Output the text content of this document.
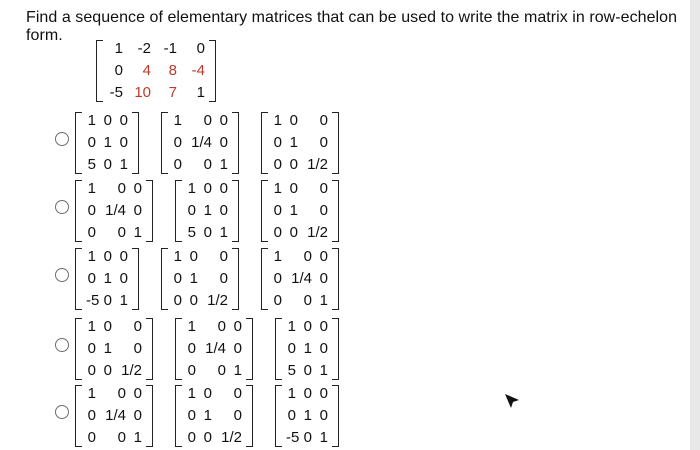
Find a sequence of elementary matrices that can be used to write the matrix in row-echelon form.
1 -2 -1	0
0	4	8 -4
-5 10	7	1
1 0 0
0 1 0
5 0 1
1	0 0
0 1/4 0
0	0 1
1 0	0
0 1	0
0 0 1/2
1	0 0
0 1/4 0
0	0 1
1 0 0
0 1 0
5 0 1
1 0	0
0 1	0
0 0 1/2
1 0 0
0 1 0
-5 0 1
1 0	0
0 1	0
0 0 1/2
1	0 0
0 1/4 0
0	0 1
1 0	0
0 1	0
0 0 1/2
1	0 0
0 1/4 0
0	0 1
1 0 0
0 1 0
5 0 1
1	0 0
0 1/4 0
0	0 1
1 0	0
0 1	0
0 0 1/2
1 0 0
0 1 0
-5 0 1
